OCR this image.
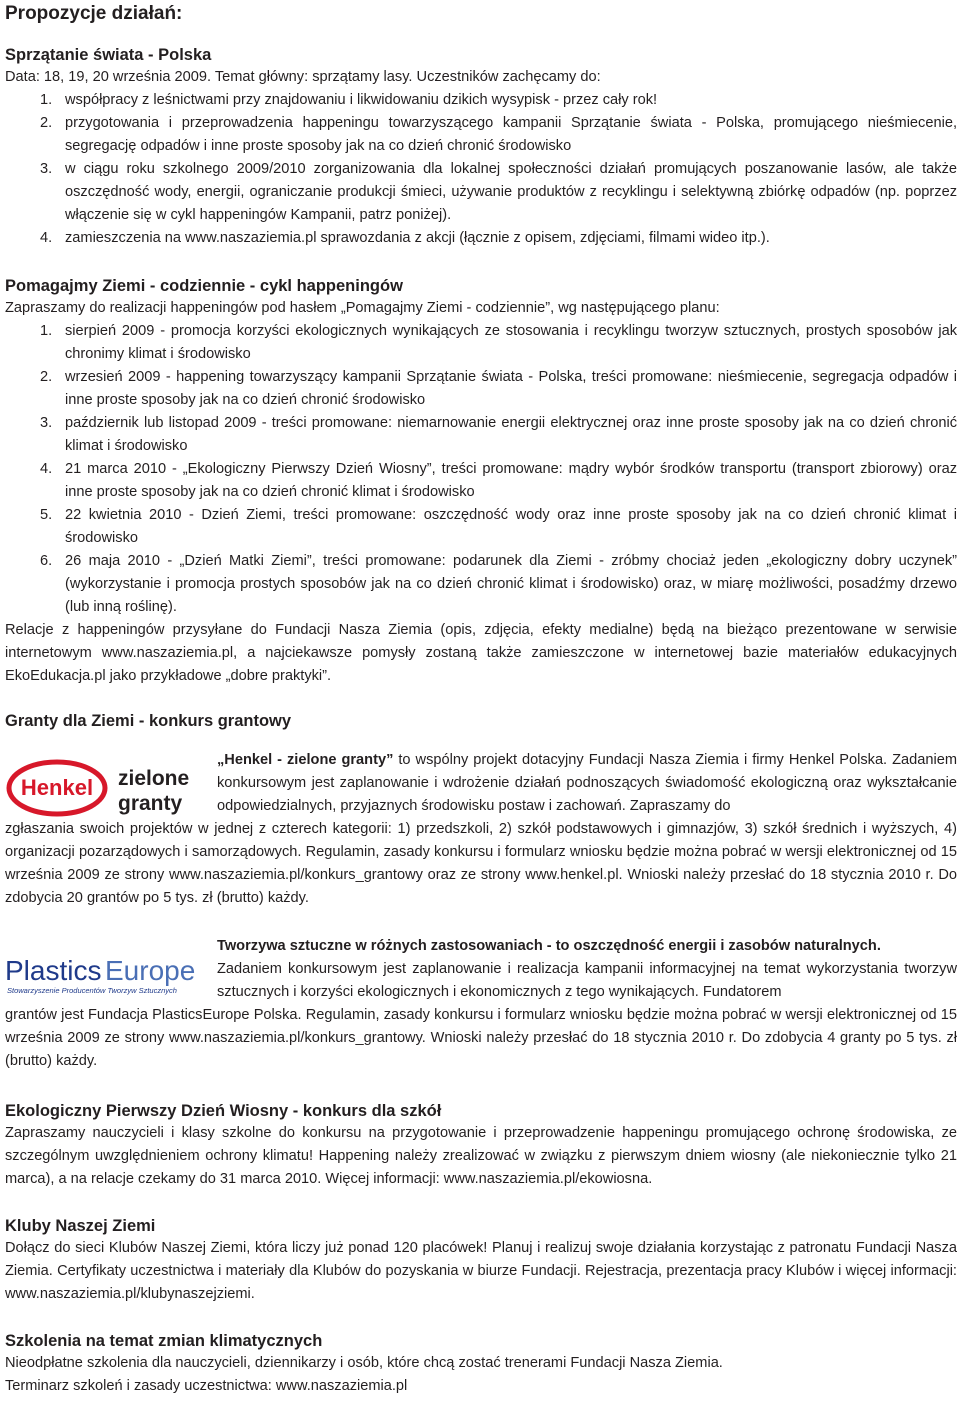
Propozycje działań:
Sprzątanie świata - Polska

Data: 18, 19, 20 września 2009. Temat główny: sprzątamy lasy. Uczestników zachęcamy do:

1. współpracy z leśnictwami przy znajdowaniu i likwidowaniu dzikich wysypisk - przez cały rok!
2. przygotowania i przeprowadzenia happeningu towarzyszącego kampanii Sprzątanie świata - Polska, promującego nieśmiecenie, segregację odpadów i inne proste sposoby jak na co dzień chronić środowisko
3. w ciągu roku szkolnego 2009/2010 zorganizowania dla lokalnej społeczności działań promujących poszanowanie lasów, ale także oszczędność wody, energii, ograniczanie produkcji śmieci, używanie produktów z recyklingu i selektywną zbiórkę odpadów (np. poprzez włączenie się w cykl happeningów Kampanii, patrz poniżej).
4. zamieszczenia na www.naszaziemia.pl sprawozdania z akcji (łącznie z opisem, zdjęciami, filmami wideo itp.).
Pomagajmy Ziemi - codziennie - cykl happeningów

Zapraszamy do realizacji happeningów pod hasłem „Pomagajmy Ziemi - codziennie”, wg następującego planu:

1. sierpień 2009 - promocja korzyści ekologicznych wynikających ze stosowania i recyklingu tworzyw sztucznych, prostych sposobów jak chronimy klimat i środowisko
2. wrzesień 2009 - happening towarzyszący kampanii Sprzątanie świata - Polska, treści promowane: nieśmiecenie, segregacja odpadów i inne proste sposoby jak na co dzień chronić środowisko
3. październik lub listopad 2009 - treści promowane: niemarnowanie energii elektrycznej oraz inne proste sposoby jak na co dzień chronić klimat i środowisko
4. 21 marca 2010 - „Ekologiczny Pierwszy Dzień Wiosny”, treści promowane: mądry wybór środków transportu (transport zbiorowy) oraz inne proste sposoby jak na co dzień chronić klimat i środowisko
5. 22 kwietnia 2010 - Dzień Ziemi, treści promowane: oszczędność wody oraz inne proste sposoby jak na co dzień chronić klimat i środowisko
6. 26 maja 2010 - „Dzień Matki Ziemi”, treści promowane: podarunek dla Ziemi - zróbmy chociaż jeden „ekologiczny dobry uczynek” (wykorzystanie i promocja prostych sposobów jak na co dzień chronić klimat i środowisko) oraz, w miarę możliwości, posadźmy drzewo (lub inną roślinę).

Relacje z happeningów przysyłane do Fundacji Nasza Ziemia (opis, zdjęcia, efekty medialne) będą na bieżąco prezentowane w serwisie internetowym www.naszaziemia.pl, a najciekawsze pomysły zostaną także zamieszczone w internetowej bazie materiałów edukacyjnych EkoEdukacja.pl jako przykładowe „dobre praktyki”.

Granty dla Ziemi - konkurs grantowy
Henkel zielone
granty

„Henkel - zielone granty” to wspólny projekt dotacyjny Fundacji Nasza Ziemia i firmy Henkel Polska. Zadaniem konkursowym jest zaplanowanie i wdrożenie działań podnoszących świadomość ekologiczną oraz wykształcanie odpowiedzialnych, przyjaznych środowisku postaw i zachowań. Zapraszamy do

zgłaszania swoich projektów w jednej z czterech kategorii: 1) przedszkoli, 2) szkół podstawowych i gimnazjów, 3) szkół średnich i wyższych, 4) organizacji pozarządowych i samorządowych. Regulamin, zasady konkursu i formularz wniosku będzie można pobrać w wersji elektronicznej od 15 września 2009 ze strony www.naszaziemia.pl/konkurs_grantowy oraz ze strony www.henkel.pl. Wnioski należy przesłać do 18 stycznia 2010 r. Do zdobycia 20 grantów po 5 tys. zł (brutto) każdy.

Plastics Europe
Stowarzyszenie Producentów Tworzyw Sztucznych

Tworzywa sztuczne w różnych zastosowaniach - to oszczędność energii i zasobów naturalnych.

Zadaniem konkursowym jest zaplanowanie i realizacja kampanii informacyjnej na temat wykorzystania tworzyw sztucznych i korzyści ekologicznych i ekonomicznych z tego wynikających. Fundatorem

grantów jest Fundacja PlasticsEurope Polska. Regulamin, zasady konkursu i formularz wniosku będzie można pobrać w wersji elektronicznej od 15 września 2009 ze strony www.naszaziemia.pl/konkurs_grantowy. Wnioski należy przesłać do 18 stycznia 2010 r. Do zdobycia 4 granty po 5 tys. zł (brutto) każdy.

Ekologiczny Pierwszy Dzień Wiosny - konkurs dla szkół

Zapraszamy nauczycieli i klasy szkolne do konkursu na przygotowanie i przeprowadzenie happeningu promującego ochronę środowiska, ze szczególnym uwzględnieniem ochrony klimatu! Happening należy zrealizować w związku z pierwszym dniem wiosny (ale niekoniecznie tylko 21 marca), a na relacje czekamy do 31 marca 2010. Więcej informacji: www.naszaziemia.pl/ekowiosna.

Kluby Naszej Ziemi

Dołącz do sieci Klubów Naszej Ziemi, która liczy już ponad 120 placówek! Planuj i realizuj swoje działania korzystając z patronatu Fundacji Nasza Ziemia. Certyfikaty uczestnictwa i materiały dla Klubów do pozyskania w biurze Fundacji. Rejestracja, prezentacja pracy Klubów i więcej informacji: www.naszaziemia.pl/klubynaszejziemi.

Szkolenia na temat zmian klimatycznych

Nieodpłatne szkolenia dla nauczycieli, dziennikarzy i osób, które chcą zostać trenerami Fundacji Nasza Ziemia.

Terminarz szkoleń i zasady uczestnictwa: www.naszaziemia.pl
